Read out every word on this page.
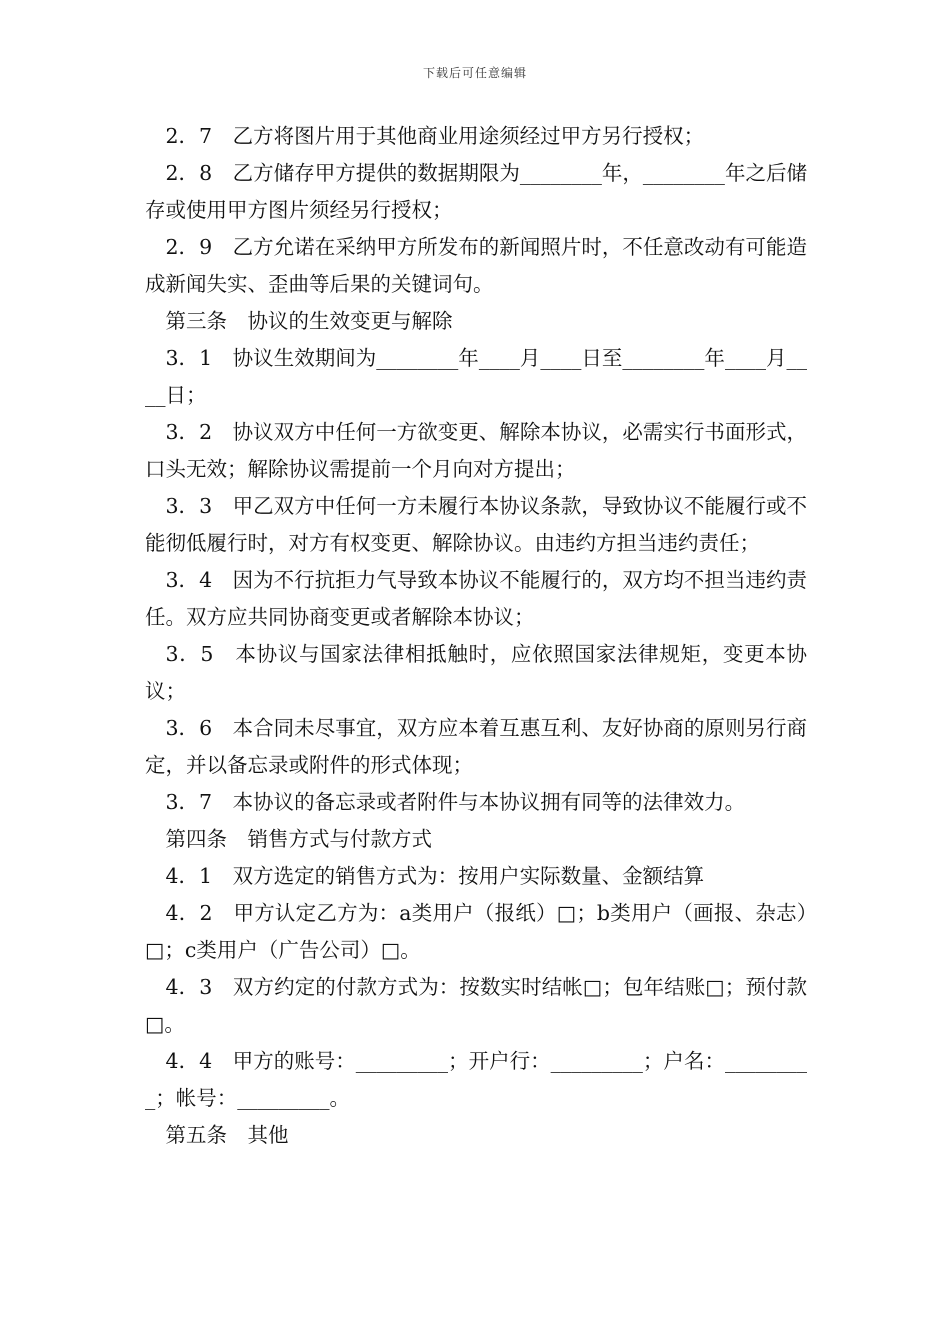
下载后可任意编辑

2．7　乙方将图片用于其他商业用途须经过甲方另行授权；

2．8　乙方储存甲方提供的数据期限为________年，________年之后储存或使用甲方图片须经另行授权；

2．9　乙方允诺在采纳甲方所发布的新闻照片时，不任意改动有可能造成新闻失实、歪曲等后果的关键词句。

第三条　协议的生效变更与解除

3．1　协议生效期间为________年____月____日至________年____月____日；

3．2　协议双方中任何一方欲变更、解除本协议，必需实行书面形式，口头无效；解除协议需提前一个月向对方提出；

3．3　甲乙双方中任何一方未履行本协议条款，导致协议不能履行或不能彻低履行时，对方有权变更、解除协议。由违约方担当违约责任；

3．4　因为不行抗拒力气导致本协议不能履行的，双方均不担当违约责任。双方应共同协商变更或者解除本协议；

3．5　本协议与国家法律相抵触时，应依照国家法律规矩，变更本协议；

3．6　本合同未尽事宜，双方应本着互惠互利、友好协商的原则另行商定，并以备忘录或附件的形式体现；

3．7　本协议的备忘录或者附件与本协议拥有同等的法律效力。

第四条　销售方式与付款方式

4．1　双方选定的销售方式为：按用户实际数量、金额结算

4．2　甲方认定乙方为：a类用户（报纸）□；b类用户（画报、杂志）□；c类用户（广告公司）□。

4．3　双方约定的付款方式为：按数实时结帐□；包年结账□；预付款□。

4．4　甲方的账号：_________；开户行：_________；户名：_________；帐号：_________。

第五条　其他
